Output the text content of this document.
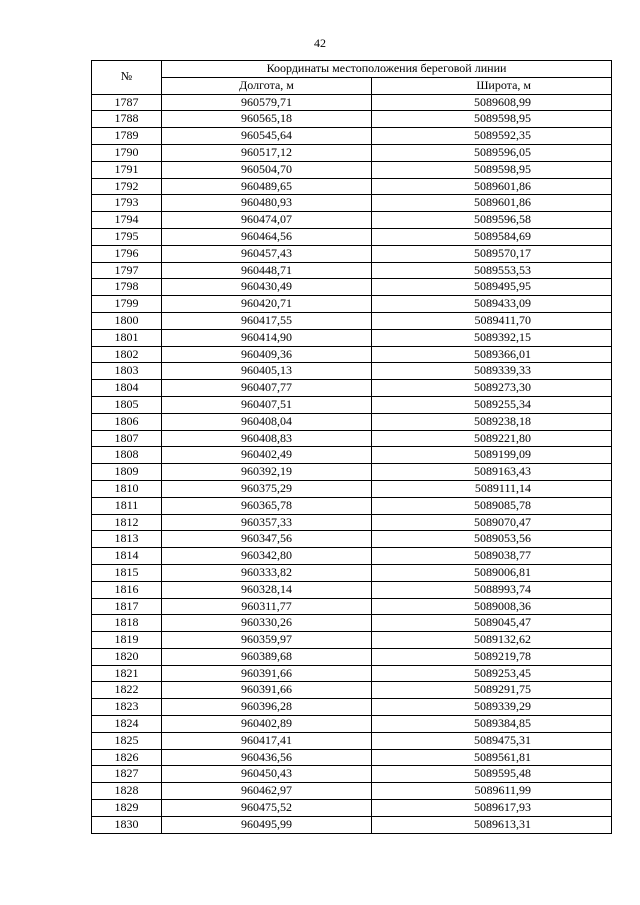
42
№	Координаты местоположения береговой линии	
	Долгота, м	Широта, м
1787	960579,71	5089608,99
1788	960565,18	5089598,95
1789	960545,64	5089592,35
1790	960517,12	5089596,05
1791	960504,70	5089598,95
1792	960489,65	5089601,86
1793	960480,93	5089601,86
1794	960474,07	5089596,58
1795	960464,56	5089584,69
1796	960457,43	5089570,17
1797	960448,71	5089553,53
1798	960430,49	5089495,95
1799	960420,71	5089433,09
1800	960417,55	5089411,70
1801	960414,90	5089392,15
1802	960409,36	5089366,01
1803	960405,13	5089339,33
1804	960407,77	5089273,30
1805	960407,51	5089255,34
1806	960408,04	5089238,18
1807	960408,83	5089221,80
1808	960402,49	5089199,09
1809	960392,19	5089163,43
1810	960375,29	5089111,14
1811	960365,78	5089085,78
1812	960357,33	5089070,47
1813	960347,56	5089053,56
1814	960342,80	5089038,77
1815	960333,82	5089006,81
1816	960328,14	5088993,74
1817	960311,77	5089008,36
1818	960330,26	5089045,47
1819	960359,97	5089132,62
1820	960389,68	5089219,78
1821	960391,66	5089253,45
1822	960391,66	5089291,75
1823	960396,28	5089339,29
1824	960402,89	5089384,85
1825	960417,41	5089475,31
1826	960436,56	5089561,81
1827	960450,43	5089595,48
1828	960462,97	5089611,99
1829	960475,52	5089617,93
1830	960495,99	5089613,31
